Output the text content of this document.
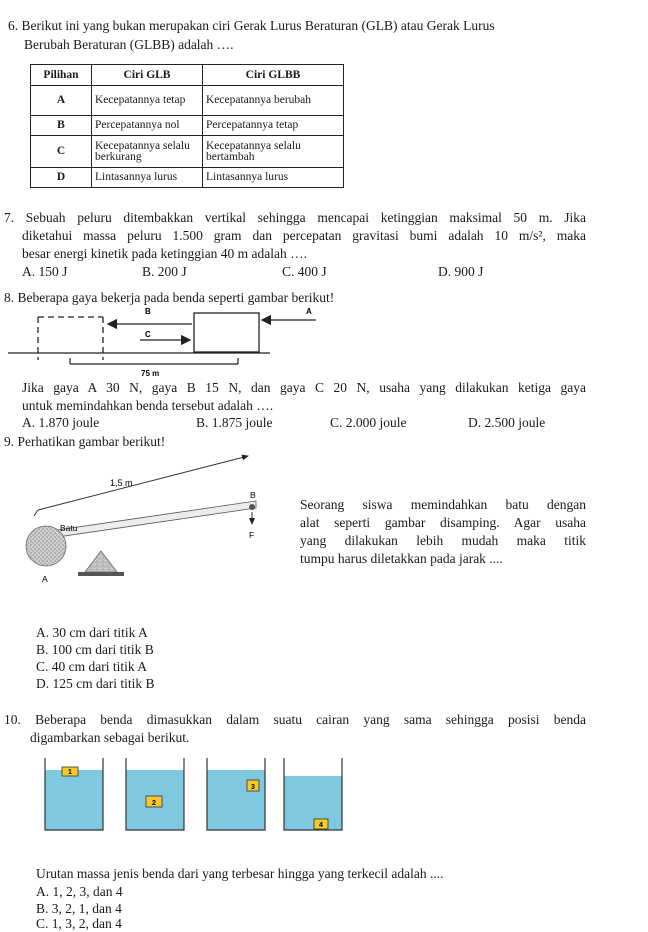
6. Berikut ini yang bukan merupakan ciri Gerak Lurus Beraturan (GLB) atau Gerak Lurus
Berubah Beraturan (GLBB) adalah ….
Pilihan	Ciri GLB	Ciri GLBB
A	Kecepatannya tetap	Kecepatannya berubah
B	Percepatannya nol	Percepatannya tetap
C	Kecepatannya selalu berkurang	Kecepatannya selalu bertambah
D	Lintasannya lurus	Lintasannya lurus
7. Sebuah peluru ditembakkan vertikal sehingga mencapai ketinggian maksimal 50 m. Jika
diketahui massa peluru 1.500 gram dan percepatan gravitasi bumi adalah 10 m/s², maka
besar energi kinetik pada ketinggian 40 m adalah ….
A. 150 J	B. 200 J	C. 400 J	D. 900 J
8. Beberapa gaya bekerja pada benda seperti gambar berikut!
B
C
A
75 m
Jika gaya A 30 N, gaya B 15 N, dan gaya C 20 N, usaha yang dilakukan ketiga gaya
untuk memindahkan benda tersebut adalah ….
A. 1.870 joule	B. 1.875 joule	C. 2.000 joule	D. 2.500 joule
9. Perhatikan gambar berikut!
1,5 m
Batu
A
B
F
Seorang siswa memindahkan batu dengan
alat seperti gambar disamping. Agar usaha
yang dilakukan lebih mudah maka titik
tumpu harus diletakkan pada jarak ....
A. 30 cm dari titik A
B. 100 cm dari titik B
C. 40 cm dari titik A
D. 125 cm dari titik B
10. Beberapa benda dimasukkan dalam suatu cairan yang sama sehingga posisi benda
digambarkan sebagai berikut.
1
2
3
4
Urutan massa jenis benda dari yang terbesar hingga yang terkecil adalah ....
A. 1, 2, 3, dan 4
B. 3, 2, 1, dan 4
C. 1, 3, 2, dan 4
